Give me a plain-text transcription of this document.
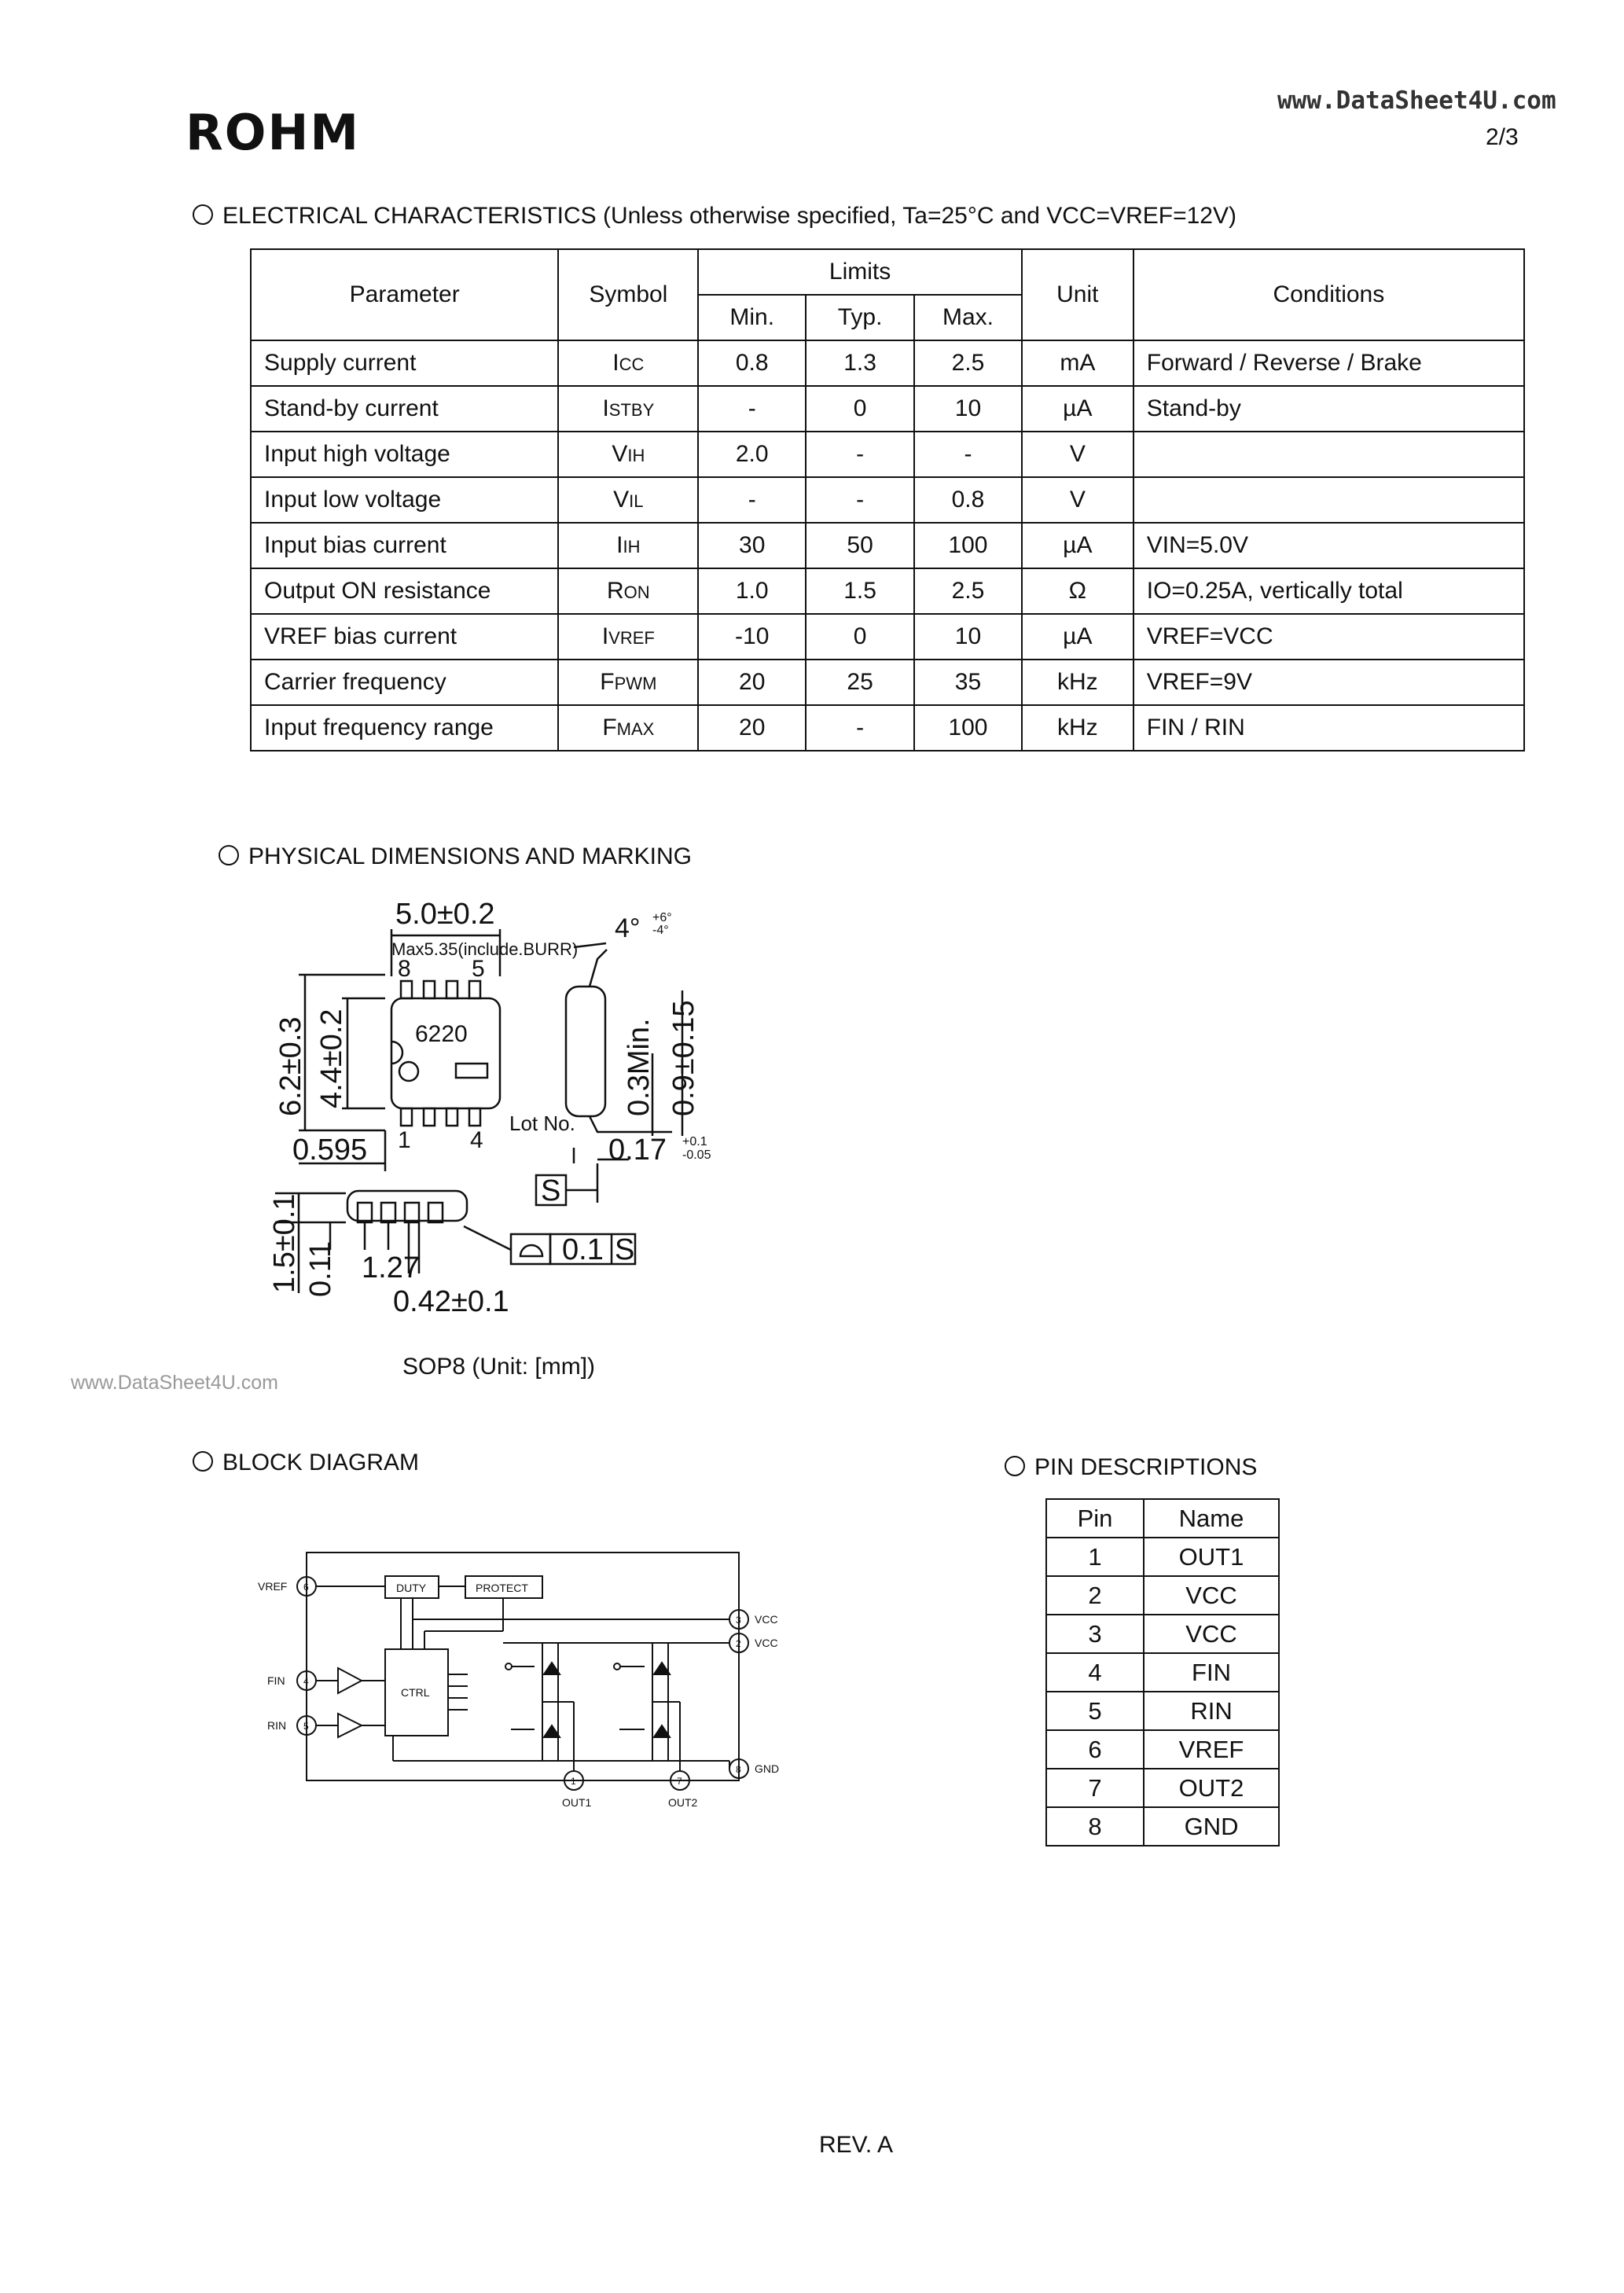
ROHM
www.DataSheet4U.com
2/3
ELECTRICAL CHARACTERISTICS (Unless otherwise specified, Ta=25°C and VCC=VREF=12V)
Parameter	Symbol	Limits			Unit	Conditions
		Min.	Typ.	Max.		
Supply current	ICC	0.8	1.3	2.5	mA	Forward / Reverse / Brake
Stand-by current	ISTBY	-	0	10	µA	Stand-by
Input high voltage	VIH	2.0	-	-	V	
Input low voltage	VIL	-	-	0.8	V	
Input bias current	IIH	30	50	100	µA	VIN=5.0V
Output ON resistance	RON	1.0	1.5	2.5	Ω	IO=0.25A, vertically total
VREF bias current	IVREF	-10	0	10	µA	VREF=VCC
Carrier frequency	FPWM	20	25	35	kHz	VREF=9V
Input frequency range	FMAX	20	-	100	kHz	FIN / RIN
PHYSICAL DIMENSIONS AND MARKING
5.0±0.2
Max5.35(include.BURR)
4° +6°
-4°
8	5
6220
1	4
6.2±0.3 4.4±0.2	0.3Min. 0.9±0.15
0.595
Lot No.
0.17 +0.1
-0.05
S
1.5±0.1 0.11 1.27
0.42±0.1
0.1 S
SOP8 (Unit: [mm])
www.DataSheet4U.com
BLOCK DIAGRAM
VREF
FIN
RIN
VCC
VCC
GND
OUT1	OUT2
DUTY	PROTECT
CTRL
6
4
5
3
2
8
1	7
PIN DESCRIPTIONS
Pin	Name
1	OUT1
2	VCC
3	VCC
4	FIN
5	RIN
6	VREF
7	OUT2
8	GND
REV. A
